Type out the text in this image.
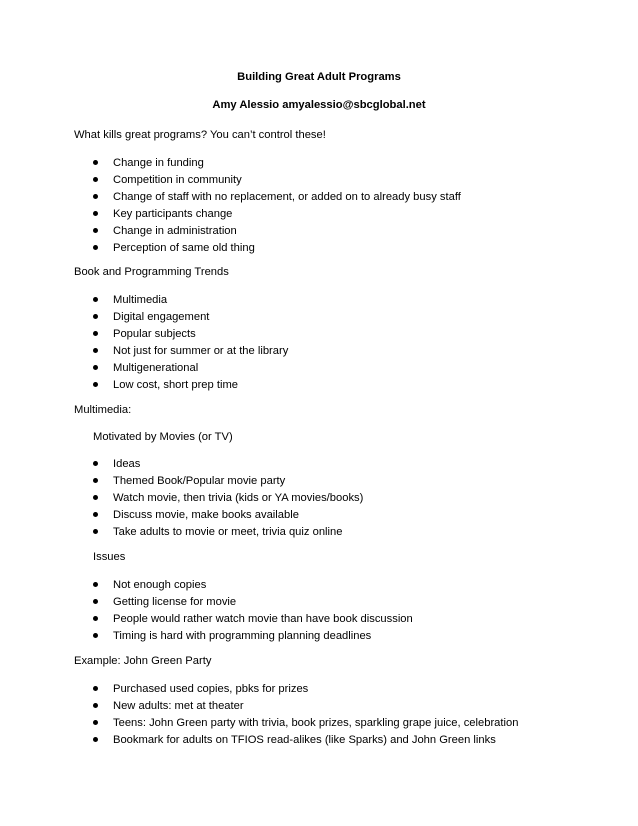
Building Great Adult Programs
Amy Alessio amyalessio@sbcglobal.net
What kills great programs? You can’t control these!
Change in funding
Competition in community
Change of staff with no replacement, or added on to already busy staff
Key participants change
Change in administration
Perception of same old thing
Book and Programming Trends
Multimedia
Digital engagement
Popular subjects
Not just for summer or at the library
Multigenerational
Low cost, short prep time
Multimedia:
Motivated by Movies (or TV)
Ideas
Themed Book/Popular movie party
Watch movie, then trivia (kids or YA movies/books)
Discuss movie, make books available
Take adults to movie or meet, trivia quiz online
Issues
Not enough copies
Getting license for movie
People would rather watch movie than have book discussion
Timing is hard with programming planning deadlines
Example: John Green Party
Purchased used copies, pbks for prizes
New adults: met at theater
Teens: John Green party with trivia, book prizes, sparkling grape juice, celebration
Bookmark for adults on TFIOS read-alikes (like Sparks) and John Green links
